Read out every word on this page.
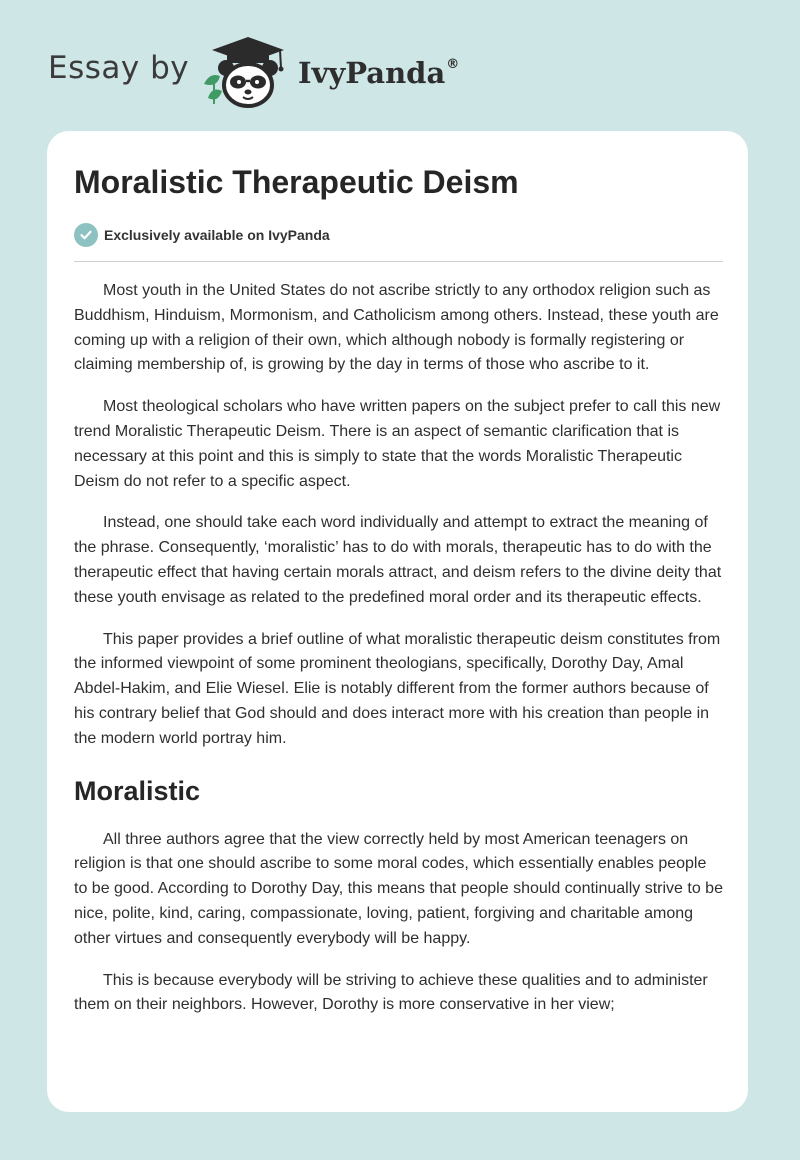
Essay by	IvyPanda®
Moralistic Therapeutic Deism
Exclusively available on IvyPanda

Most youth in the United States do not ascribe strictly to any orthodox religion such as Buddhism, Hinduism, Mormonism, and Catholicism among others. Instead, these youth are coming up with a religion of their own, which although nobody is formally registering or claiming membership of, is growing by the day in terms of those who ascribe to it.

Most theological scholars who have written papers on the subject prefer to call this new trend Moralistic Therapeutic Deism. There is an aspect of semantic clarification that is necessary at this point and this is simply to state that the words Moralistic Therapeutic Deism do not refer to a specific aspect.

Instead, one should take each word individually and attempt to extract the meaning of the phrase. Consequently, ‘moralistic’ has to do with morals, therapeutic has to do with the therapeutic effect that having certain morals attract, and deism refers to the divine deity that these youth envisage as related to the predefined moral order and its therapeutic effects.

This paper provides a brief outline of what moralistic therapeutic deism constitutes from the informed viewpoint of some prominent theologians, specifically, Dorothy Day, Amal Abdel-Hakim, and Elie Wiesel. Elie is notably different from the former authors because of his contrary belief that God should and does interact more with his creation than people in the modern world portray him.

Moralistic

All three authors agree that the view correctly held by most American teenagers on religion is that one should ascribe to some moral codes, which essentially enables people to be good. According to Dorothy Day, this means that people should continually strive to be nice, polite, kind, caring, compassionate, loving, patient, forgiving and charitable among other virtues and consequently everybody will be happy.

This is because everybody will be striving to achieve these qualities and to administer them on their neighbors. However, Dorothy is more conservative in her view;
